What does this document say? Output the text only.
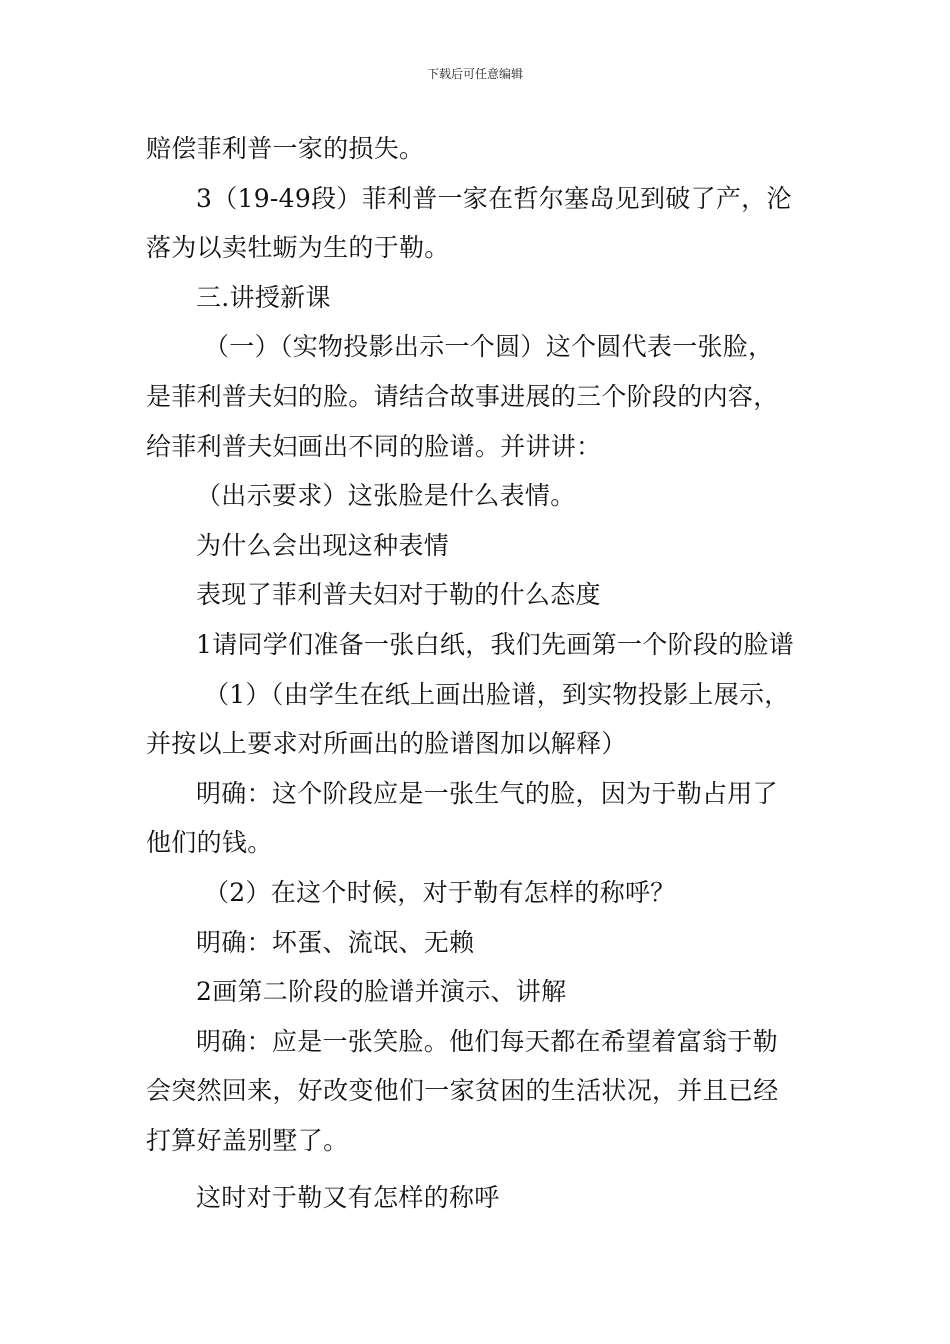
下载后可任意编辑

赔偿菲利普一家的损失。

3（19-49段）菲利普一家在哲尔塞岛见到破了产，沦

落为以卖牡蛎为生的于勒。

三.讲授新课

（一）（实物投影出示一个圆）这个圆代表一张脸，

是菲利普夫妇的脸。请结合故事进展的三个阶段的内容，

给菲利普夫妇画出不同的脸谱。并讲讲：

（出示要求）这张脸是什么表情。

为什么会出现这种表情

表现了菲利普夫妇对于勒的什么态度

1请同学们准备一张白纸，我们先画第一个阶段的脸谱

（1）（由学生在纸上画出脸谱，到实物投影上展示，

并按以上要求对所画出的脸谱图加以解释）

明确：这个阶段应是一张生气的脸，因为于勒占用了

他们的钱。

（2）在这个时候，对于勒有怎样的称呼？

明确：坏蛋、流氓、无赖

2画第二阶段的脸谱并演示、讲解

明确：应是一张笑脸。他们每天都在希望着富翁于勒

会突然回来，好改变他们一家贫困的生活状况，并且已经

打算好盖别墅了。

这时对于勒又有怎样的称呼
